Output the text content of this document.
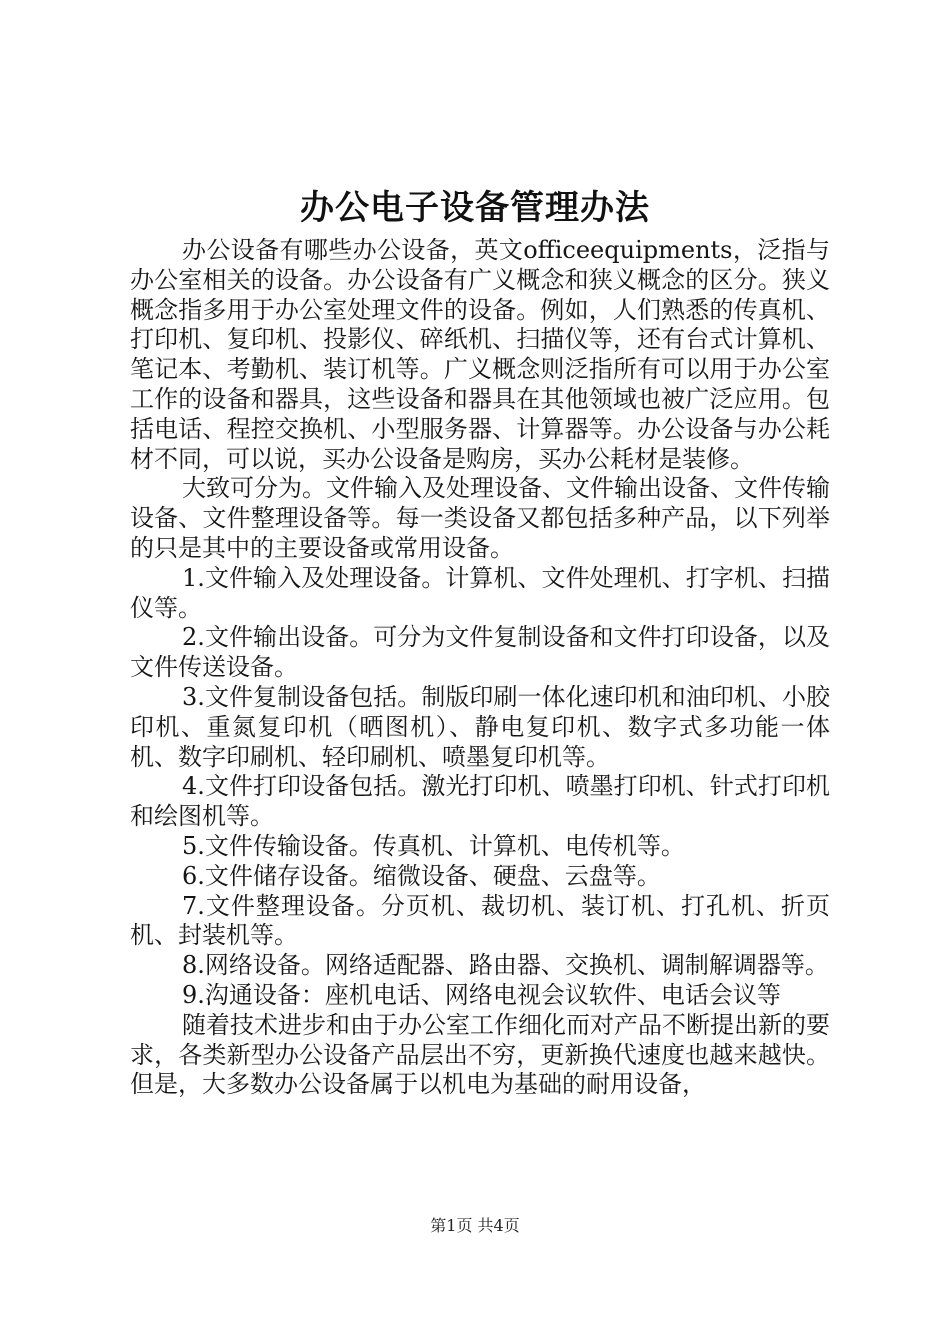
办公电子设备管理办法

办公设备有哪些办公设备，英文officeequipments，泛指与办公室相关的设备。办公设备有广义概念和狭义概念的区分。狭义概念指多用于办公室处理文件的设备。例如，人们熟悉的传真机、打印机、复印机、投影仪、碎纸机、扫描仪等，还有台式计算机、笔记本、考勤机、装订机等。广义概念则泛指所有可以用于办公室工作的设备和器具，这些设备和器具在其他领域也被广泛应用。包括电话、程控交换机、小型服务器、计算器等。办公设备与办公耗材不同，可以说，买办公设备是购房，买办公耗材是装修。

大致可分为。文件输入及处理设备、文件输出设备、文件传输设备、文件整理设备等。每一类设备又都包括多种产品，以下列举的只是其中的主要设备或常用设备。

1.文件输入及处理设备。计算机、文件处理机、打字机、扫描仪等。

2.文件输出设备。可分为文件复制设备和文件打印设备，以及文件传送设备。

3.文件复制设备包括。制版印刷一体化速印机和油印机、小胶印机、重氮复印机（晒图机）、静电复印机、数字式多功能一体机、数字印刷机、轻印刷机、喷墨复印机等。

4.文件打印设备包括。激光打印机、喷墨打印机、针式打印机和绘图机等。

5.文件传输设备。传真机、计算机、电传机等。

6.文件储存设备。缩微设备、硬盘、云盘等。

7.文件整理设备。分页机、裁切机、装订机、打孔机、折页机、封装机等。

8.网络设备。网络适配器、路由器、交换机、调制解调器等。

9.沟通设备：座机电话、网络电视会议软件、电话会议等

随着技术进步和由于办公室工作细化而对产品不断提出新的要求，各类新型办公设备产品层出不穷，更新换代速度也越来越快。但是，大多数办公设备属于以机电为基础的耐用设备，

第1页 共4页
